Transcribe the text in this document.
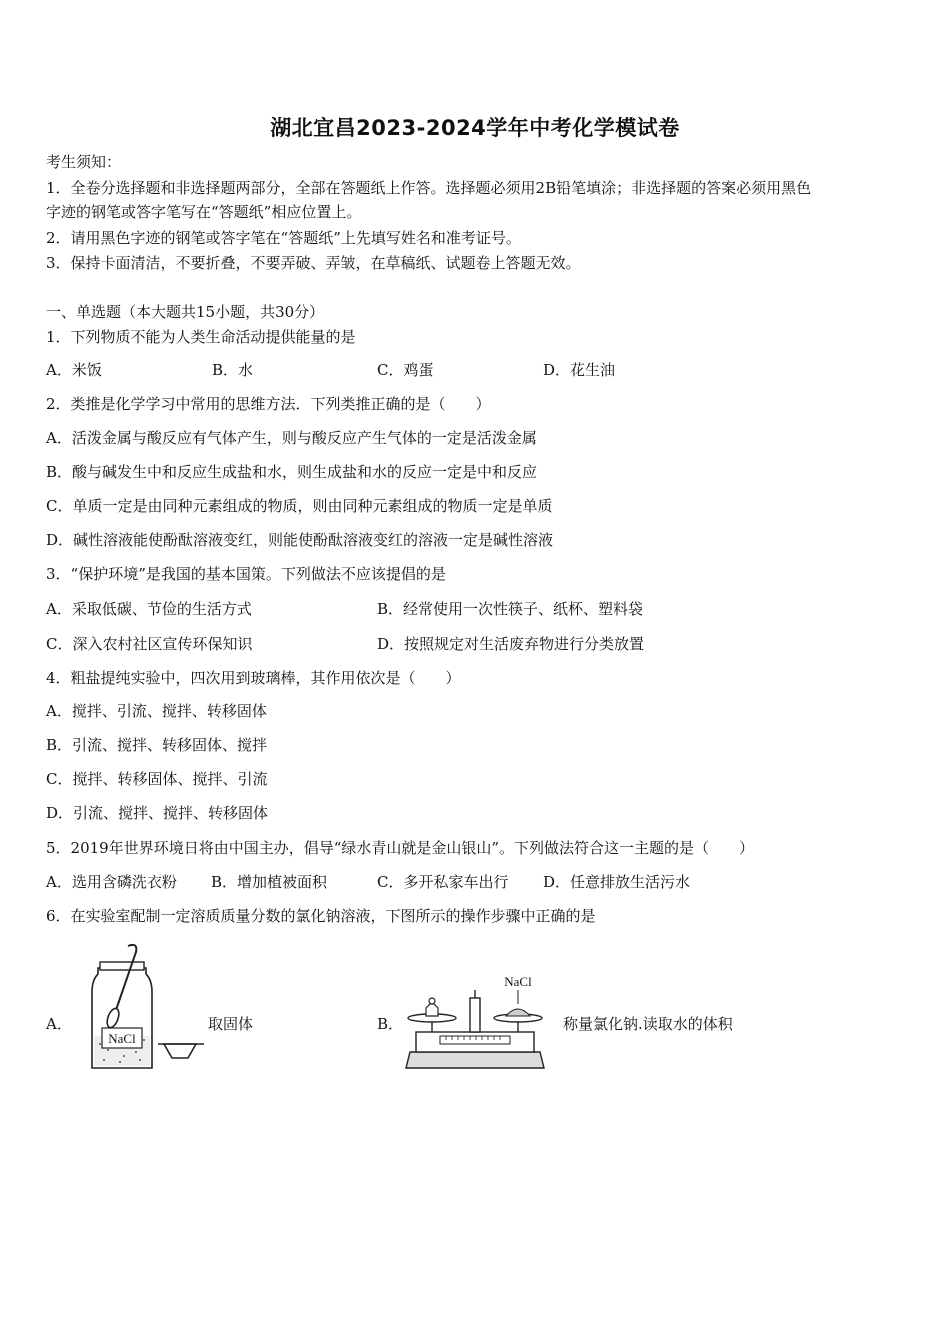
湖北宜昌2023-2024学年中考化学模试卷
考生须知：
1．全卷分选择题和非选择题两部分，全部在答题纸上作答。选择题必须用2B铅笔填涂；非选择题的答案必须用黑色
字迹的钢笔或答字笔写在“答题纸”相应位置上。
2．请用黑色字迹的钢笔或答字笔在“答题纸”上先填写姓名和准考证号。
3．保持卡面清洁，不要折叠，不要弄破、弄皱，在草稿纸、试题卷上答题无效。
一、单选题（本大题共15小题，共30分）
1．下列物质不能为人类生命活动提供能量的是
A．米饭	B．水	C．鸡蛋	D．花生油
2．类推是化学学习中常用的思维方法．下列类推正确的是（　　）
A．活泼金属与酸反应有气体产生，则与酸反应产生气体的一定是活泼金属
B．酸与碱发生中和反应生成盐和水，则生成盐和水的反应一定是中和反应
C．单质一定是由同种元素组成的物质，则由同种元素组成的物质一定是单质
D．碱性溶液能使酚酞溶液变红，则能使酚酞溶液变红的溶液一定是碱性溶液
3．“保护环境”是我国的基本国策。下列做法不应该提倡的是
A．采取低碳、节俭的生活方式	B．经常使用一次性筷子、纸杯、塑料袋
C．深入农村社区宣传环保知识	D．按照规定对生活废弃物进行分类放置
4．粗盐提纯实验中，四次用到玻璃棒，其作用依次是（　　）
A．搅拌、引流、搅拌、转移固体
B．引流、搅拌、转移固体、搅拌
C．搅拌、转移固体、搅拌、引流
D．引流、搅拌、搅拌、转移固体
5．2019年世界环境日将由中国主办，倡导“绿水青山就是金山银山”。下列做法符合这一主题的是（　　）
A．选用含磷洗衣粉 B．增加植被面积	C．多开私家车出行 D．任意排放生活污水
6．在实验室配制一定溶质质量分数的氯化钠溶液，下图所示的操作步骤中正确的是
A．
NaCl
取固体	B．
NaCl
称量氯化钠.读取水的体积
